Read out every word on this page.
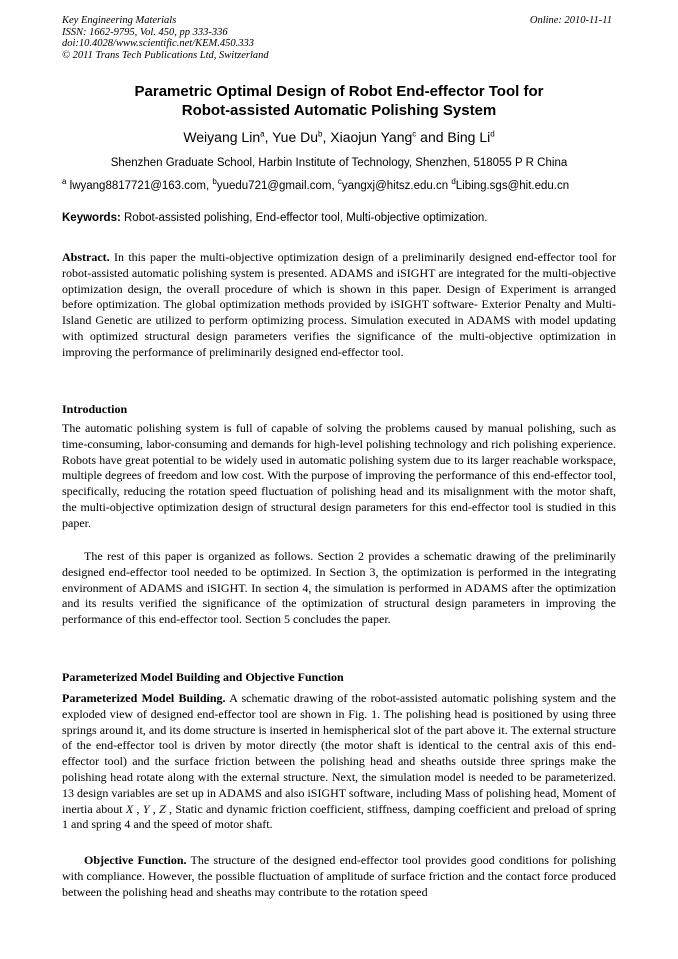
Key Engineering Materials
ISSN: 1662-9795, Vol. 450, pp 333-336
doi:10.4028/www.scientific.net/KEM.450.333
© 2011 Trans Tech Publications Ltd, Switzerland
Online: 2010-11-11
Parametric Optimal Design of Robot End-effector Tool for
Robot-assisted Automatic Polishing System
Weiyang Lin$^a$, Yue Du$^b$, Xiaojun Yang$^c$ and Bing Li$^d$
Shenzhen Graduate School, Harbin Institute of Technology, Shenzhen, 518055 P R China
$^a$ lwyang8817721@163.com, $^b$yuedu721@gmail.com, $^c$yangxj@hitsz.edu.cn $^d$Libing.sgs@hit.edu.cn
Keywords: Robot-assisted polishing, End-effector tool, Multi-objective optimization.
Abstract. In this paper the multi-objective optimization design of a preliminarily designed end-effector tool for robot-assisted automatic polishing system is presented. ADAMS and iSIGHT are integrated for the multi-objective optimization design, the overall procedure of which is shown in this paper. Design of Experiment is arranged before optimization. The global optimization methods provided by iSIGHT software- Exterior Penalty and Multi-Island Genetic are utilized to perform optimizing process. Simulation executed in ADAMS with model updating with optimized structural design parameters verifies the significance of the multi-objective optimization in improving the performance of preliminarily designed end-effector tool.
Introduction
The automatic polishing system is full of capable of solving the problems caused by manual polishing, such as time-consuming, labor-consuming and demands for high-level polishing technology and rich polishing experience. Robots have great potential to be widely used in automatic polishing system due to its larger reachable workspace, multiple degrees of freedom and low cost. With the purpose of improving the performance of this end-effector tool, specifically, reducing the rotation speed fluctuation of polishing head and its misalignment with the motor shaft, the multi-objective optimization design of structural design parameters for this end-effector tool is studied in this paper.
The rest of this paper is organized as follows. Section 2 provides a schematic drawing of the preliminarily designed end-effector tool needed to be optimized. In Section 3, the optimization is performed in the integrating environment of ADAMS and iSIGHT. In section 4, the simulation is performed in ADAMS after the optimization and its results verified the significance of the optimization of structural design parameters in improving the performance of this end-effector tool. Section 5 concludes the paper.
Parameterized Model Building and Objective Function
Parameterized Model Building. A schematic drawing of the robot-assisted automatic polishing system and the exploded view of designed end-effector tool are shown in Fig. 1. The polishing head is positioned by using three springs around it, and its dome structure is inserted in hemispherical slot of the part above it. The external structure of the end-effector tool is driven by motor directly (the motor shaft is identical to the central axis of this end-effector tool) and the surface friction between the polishing head and sheaths outside three springs make the polishing head rotate along with the external structure. Next, the simulation model is needed to be parameterized. 13 design variables are set up in ADAMS and also iSIGHT software, including Mass of polishing head, Moment of inertia about X , Y , Z , Static and dynamic friction coefficient, stiffness, damping coefficient and preload of spring 1 and spring 4 and the speed of motor shaft.
Objective Function. The structure of the designed end-effector tool provides good conditions for polishing with compliance. However, the possible fluctuation of amplitude of surface friction and the contact force produced between the polishing head and sheaths may contribute to the rotation speed
